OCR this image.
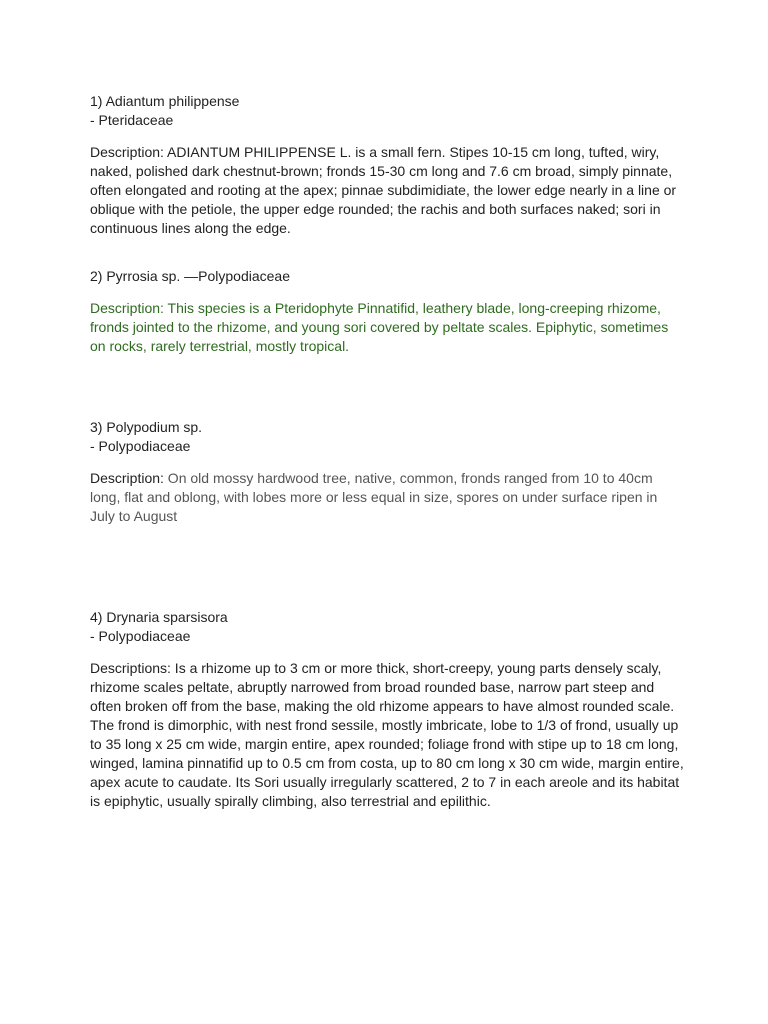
1) Adiantum philippense
- Pteridaceae
Description: ADIANTUM PHILIPPENSE L. is a small fern. Stipes 10-15 cm long, tufted, wiry,
naked, polished dark chestnut-brown; fronds 15-30 cm long and 7.6 cm broad, simply pinnate,
often elongated and rooting at the apex; pinnae subdimidiate, the lower edge nearly in a line or
oblique with the petiole, the upper edge rounded; the rachis and both surfaces naked; sori in
continuous lines along the edge.
2) Pyrrosia sp. —Polypodiaceae
Description: This species is a Pteridophyte Pinnatifid, leathery blade, long-creeping rhizome,
fronds jointed to the rhizome, and young sori covered by peltate scales. Epiphytic, sometimes
on rocks, rarely terrestrial, mostly tropical.
3) Polypodium sp.
- Polypodiaceae
Description: On old mossy hardwood tree, native, common, fronds ranged from 10 to 40cm
long, flat and oblong, with lobes more or less equal in size, spores on under surface ripen in
July to August
4) Drynaria sparsisora
- Polypodiaceae
Descriptions: Is a rhizome up to 3 cm or more thick, short-creepy, young parts densely scaly,
rhizome scales peltate, abruptly narrowed from broad rounded base, narrow part steep and
often broken off from the base, making the old rhizome appears to have almost rounded scale.
The frond is dimorphic, with nest frond sessile, mostly imbricate, lobe to 1/3 of frond, usually up
to 35 long x 25 cm wide, margin entire, apex rounded; foliage frond with stipe up to 18 cm long,
winged, lamina pinnatifid up to 0.5 cm from costa, up to 80 cm long x 30 cm wide, margin entire,
apex acute to caudate. Its Sori usually irregularly scattered, 2 to 7 in each areole and its habitat
is epiphytic, usually spirally climbing, also terrestrial and epilithic.
